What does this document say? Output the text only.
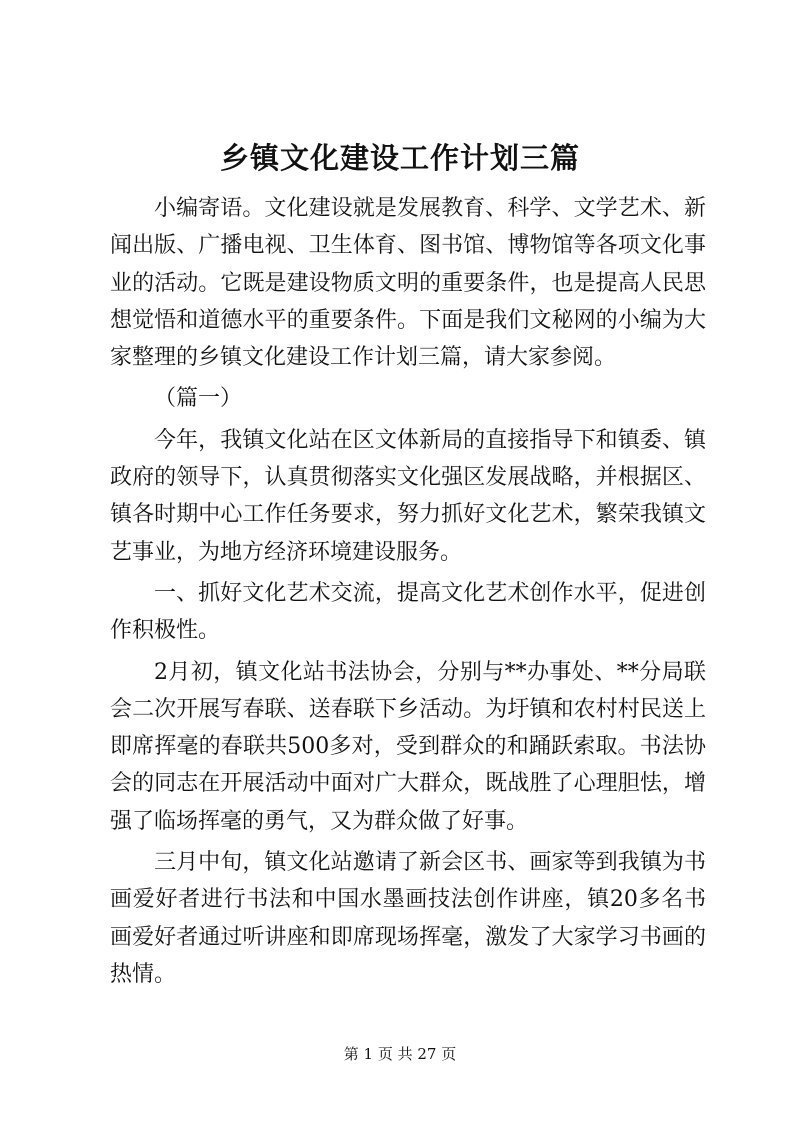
乡镇文化建设工作计划三篇

小编寄语。文化建设就是发展教育、科学、文学艺术、新闻出版、广播电视、卫生体育、图书馆、博物馆等各项文化事业的活动。它既是建设物质文明的重要条件，也是提高人民思想觉悟和道德水平的重要条件。下面是我们文秘网的小编为大家整理的乡镇文化建设工作计划三篇，请大家参阅。

（篇一）

今年，我镇文化站在区文体新局的直接指导下和镇委、镇政府的领导下，认真贯彻落实文化强区发展战略，并根据区、镇各时期中心工作任务要求，努力抓好文化艺术，繁荣我镇文艺事业，为地方经济环境建设服务。

一、抓好文化艺术交流，提高文化艺术创作水平，促进创作积极性。

2月初，镇文化站书法协会，分别与**办事处、**分局联会二次开展写春联、送春联下乡活动。为圩镇和农村村民送上即席挥毫的春联共500多对，受到群众的和踊跃索取。书法协会的同志在开展活动中面对广大群众，既战胜了心理胆怯，增强了临场挥毫的勇气，又为群众做了好事。

三月中旬，镇文化站邀请了新会区书、画家等到我镇为书画爱好者进行书法和中国水墨画技法创作讲座，镇20多名书画爱好者通过听讲座和即席现场挥毫，激发了大家学习书画的热情。

第 1 页 共 27 页
